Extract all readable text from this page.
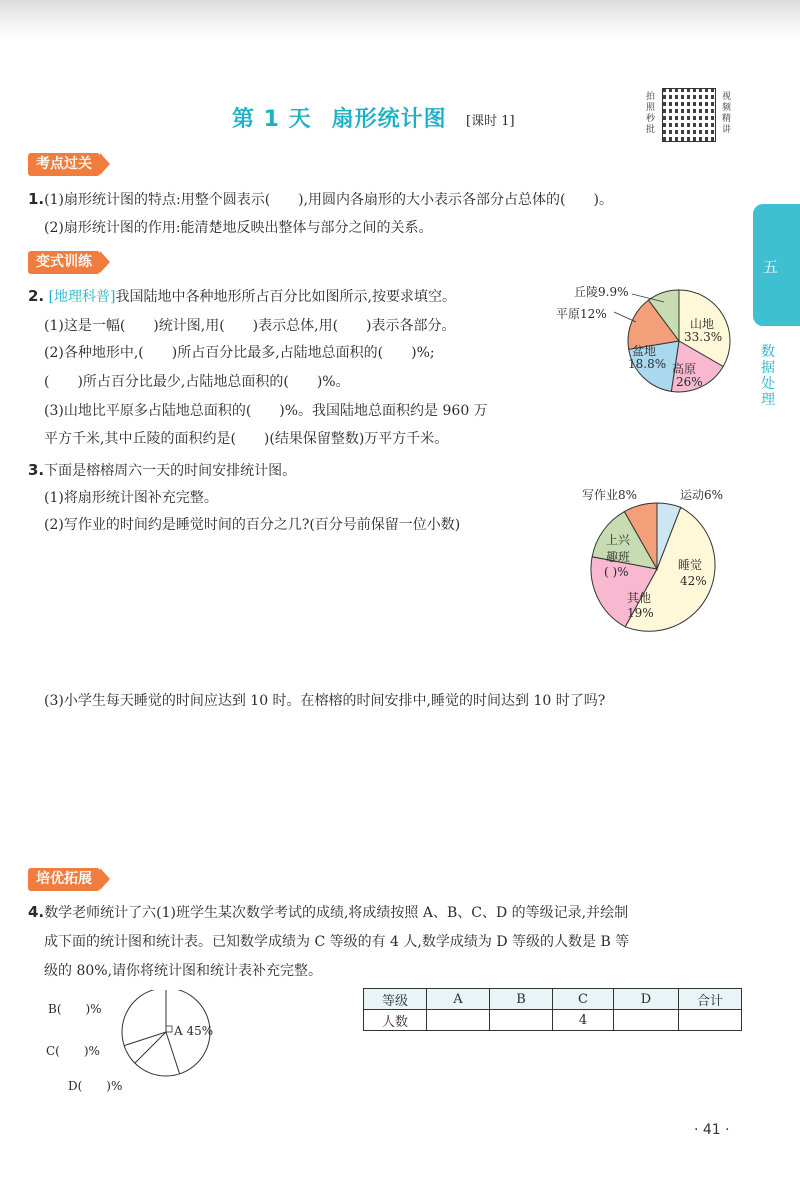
第 1 天 扇形统计图 [课时 1]
拍照秒批
视频精讲
五
数据处理
考点过关
1.(1)扇形统计图的特点:用整个圆表示(　　),用圆内各扇形的大小表示各部分占总体的(　　)。
(2)扇形统计图的作用:能清楚地反映出整体与部分之间的关系。
变式训练
2. [地理科普]我国陆地中各种地形所占百分比如图所示,按要求填空。
(1)这是一幅(　　)统计图,用(　　)表示总体,用(　　)表示各部分。
(2)各种地形中,(　　)所占百分比最多,占陆地总面积的(　　)%;
(　　)所占百分比最少,占陆地总面积的(　　)%。
(3)山地比平原多占陆地总面积的(　　)%。我国陆地总面积约是 960 万
平方千米,其中丘陵的面积约是(　　)(结果保留整数)万平方千米。
丘陵9.9%
平原12%
山地
33.3%
盆地
18.8% 高原
26%
3.下面是榕榕周六一天的时间安排统计图。
(1)将扇形统计图补充完整。
(2)写作业的时间约是睡觉时间的百分之几?(百分号前保留一位小数)
写作业8%	运动6%
上兴
趣班
( )%	睡觉
42%
其他
19%
(3)小学生每天睡觉的时间应达到 10 时。在榕榕的时间安排中,睡觉的时间达到 10 时了吗?
培优拓展
4.数学老师统计了六(1)班学生某次数学考试的成绩,将成绩按照 A、B、C、D 的等级记录,并绘制
成下面的统计图和统计表。已知数学成绩为 C 等级的有 4 人,数学成绩为 D 等级的人数是 B 等
级的 80%,请你将统计图和统计表补充完整。
A 45%
B(　　)%
C(　　)%
D(　　)%
等级	A	B	C	D	合计
人数			4		
· 41 ·
